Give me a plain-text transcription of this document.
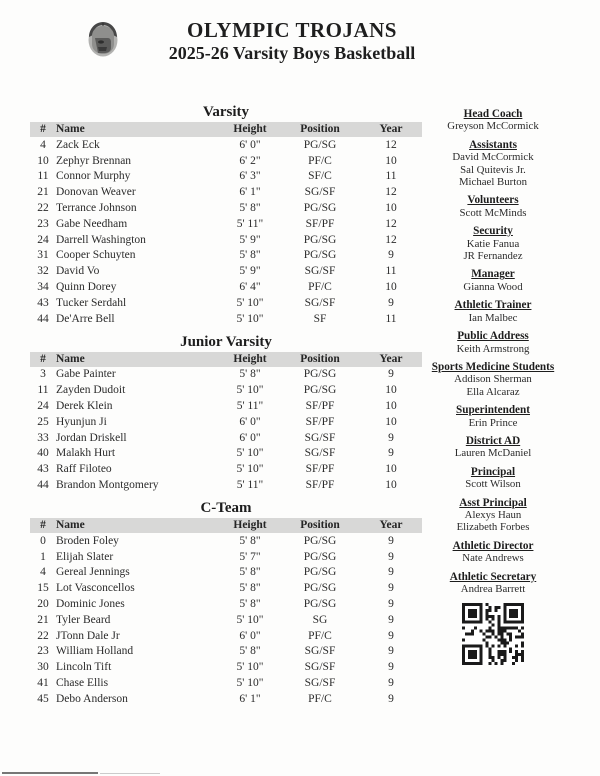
OLYMPIC TROJANS
2025-26 Varsity Boys Basketball
Varsity
#	Name	Height	Position	Year
4	Zack Eck	6' 0"	PG/SG	12
10	Zephyr Brennan	6' 2"	PF/C	10
11	Connor Murphy	6' 3"	SF/C	11
21	Donovan Weaver	6' 1"	SG/SF	12
22	Terrance Johnson	5' 8"	PG/SG	10
23	Gabe Needham	5' 11"	SF/PF	12
24	Darrell Washington	5' 9"	PG/SG	12
31	Cooper Schuyten	5' 8"	PG/SG	9
32	David Vo	5' 9"	SG/SF	11
34	Quinn Dorey	6' 4"	PF/C	10
43	Tucker Serdahl	5' 10"	SG/SF	9
44	De'Arre Bell	5' 10"	SF	11
Junior Varsity
#	Name	Height	Position	Year
3	Gabe Painter	5' 8"	PG/SG	9
11	Zayden Dudoit	5' 10"	PG/SG	10
24	Derek Klein	5' 11"	SF/PF	10
25	Hyunjun Ji	6' 0"	SF/PF	10
33	Jordan Driskell	6' 0"	SG/SF	9
40	Malakh Hurt	5' 10"	SG/SF	9
43	Raff Filoteo	5' 10"	SF/PF	10
44	Brandon Montgomery	5' 11"	SF/PF	10
C-Team
#	Name	Height	Position	Year
0	Broden Foley	5' 8"	PG/SG	9
1	Elijah Slater	5' 7"	PG/SG	9
4	Gereal Jennings	5' 8"	PG/SG	9
15	Lot Vasconcellos	5' 8"	PG/SG	9
20	Dominic Jones	5' 8"	PG/SG	9
21	Tyler Beard	5' 10"	SG	9
22	JTonn Dale Jr	6' 0"	PF/C	9
23	William Holland	5' 8"	SG/SF	9
30	Lincoln Tift	5' 10"	SG/SF	9
41	Chase Ellis	5' 10"	SG/SF	9
45	Debo Anderson	6' 1"	PF/C	9
Head Coach
Greyson McCormick
Assistants
David McCormick
Sal Quitevis Jr.
Michael Burton
Volunteers
Scott McMinds
Security
Katie Fanua
JR Fernandez
Manager
Gianna Wood
Athletic Trainer
Ian Malbec
Public Address
Keith Armstrong
Sports Medicine Students
Addison Sherman
Ella Alcaraz
Superintendent
Erin Prince
District AD
Lauren McDaniel
Principal
Scott Wilson
Asst Principal
Alexys Haun
Elizabeth Forbes
Athletic Director
Nate Andrews
Athletic Secretary
Andrea Barrett
